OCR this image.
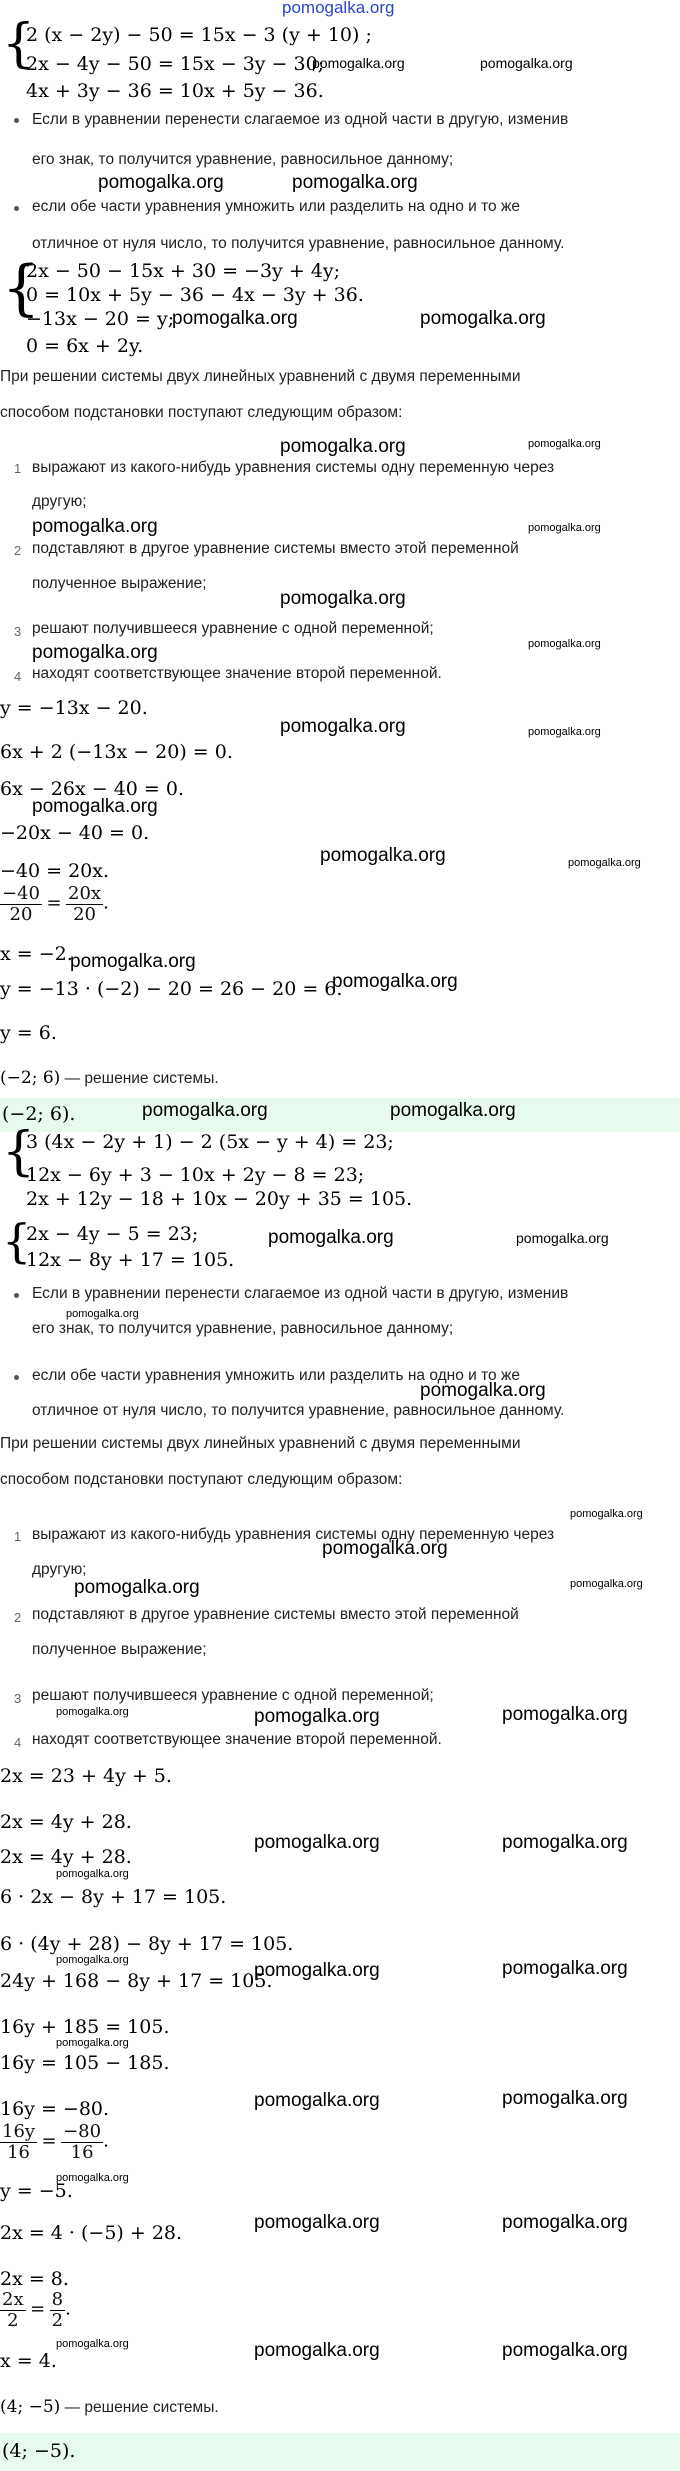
pomogalka.org
{
2 (x − 2y) − 50 = 15x − 3 (y + 10) ;
2x − 4y − 50 = 15x − 3y − 30;
4x + 3y − 36 = 10x + 5y − 36.
pomogalka.org	pomogalka.org
Если в уравнении перенести слагаемое из одной части в другую, изменив
его знак, то получится уравнение, равносильное данному;
если обе части уравнения умножить или разделить на одно и то же
отличное от нуля число, то получится уравнение, равносильное данному.
pomogalka.org	pomogalka.org
{
2x − 50 − 15x + 30 = −3y + 4y;
0 = 10x + 5y − 36 − 4x − 3y + 36.
−13x − 20 = y;
0 = 6x + 2y.
pomogalka.org	pomogalka.org
При решении системы двух линейных уравнений с двумя переменными
способом подстановки поступают следующим образом:
pomogalka.org	pomogalka.org
1 выражают из какого-нибудь уравнения системы одну переменную через
другую;
pomogalka.org	pomogalka.org
2 подставляют в другое уравнение системы вместо этой переменной
полученное выражение;
pomogalka.org
3 решают получившееся уравнение с одной переменной;
pomogalka.org	pomogalka.org
4 находят соответствующее значение второй переменной.
y = −13x − 20.
pomogalka.org	pomogalka.org
6x + 2 (−13x − 20) = 0.
6x − 26x − 40 = 0.
pomogalka.org
−20x − 40 = 0.
pomogalka.org	pomogalka.org
−40 = 20x.
$\frac{-40}{20} = \frac{20x}{20}$ .
x = −2.
pomogalka.org
y = −13 · (−2) − 20 = 26 − 20 = 6.
pomogalka.org
y = 6.
(−2; 6) — решение системы.
(−2; 6).	pomogalka.org	pomogalka.org
{
3 (4x − 2y + 1) − 2 (5x − y + 4) = 23;
12x − 6y + 3 − 10x + 2y − 8 = 23;
2x + 12y − 18 + 10x − 20y + 35 = 105.
{
2x − 4y − 5 = 23;
12x − 8y + 17 = 105.
pomogalka.org	pomogalka.org
Если в уравнении перенести слагаемое из одной части в другую, изменив
pomogalka.org
его знак, то получится уравнение, равносильное данному;
если обе части уравнения умножить или разделить на одно и то же
pomogalka.org
отличное от нуля число, то получится уравнение, равносильное данному.
При решении системы двух линейных уравнений с двумя переменными
способом подстановки поступают следующим образом:
pomogalka.org
1 выражают из какого-нибудь уравнения системы одну переменную через
pomogalka.org
другую;
pomogalka.org	pomogalka.org
2 подставляют в другое уравнение системы вместо этой переменной
полученное выражение;
3 решают получившееся уравнение с одной переменной;
pomogalka.org	pomogalka.org	pomogalka.org
4 находят соответствующее значение второй переменной.
2x = 23 + 4y + 5.
2x = 4y + 28.
pomogalka.org	pomogalka.org
2x = 4y + 28.
pomogalka.org
6 · 2x − 8y + 17 = 105.
6 · (4y + 28) − 8y + 17 = 105.
pomogalka.org	pomogalka.org	pomogalka.org
24y + 168 − 8y + 17 = 105.
16y + 185 = 105.
pomogalka.org
16y = 105 − 185.
pomogalka.org	pomogalka.org
16y = −80.
$\frac{16y}{16} = \frac{-80}{16}$ .
pomogalka.org
y = −5.
pomogalka.org	pomogalka.org
2x = 4 · (−5) + 28.
2x = 8.
$\frac{2x}{2} = \frac{8}{2}$ .
pomogalka.org	pomogalka.org	pomogalka.org
x = 4.
(4; −5) — решение системы.
(4; −5).
